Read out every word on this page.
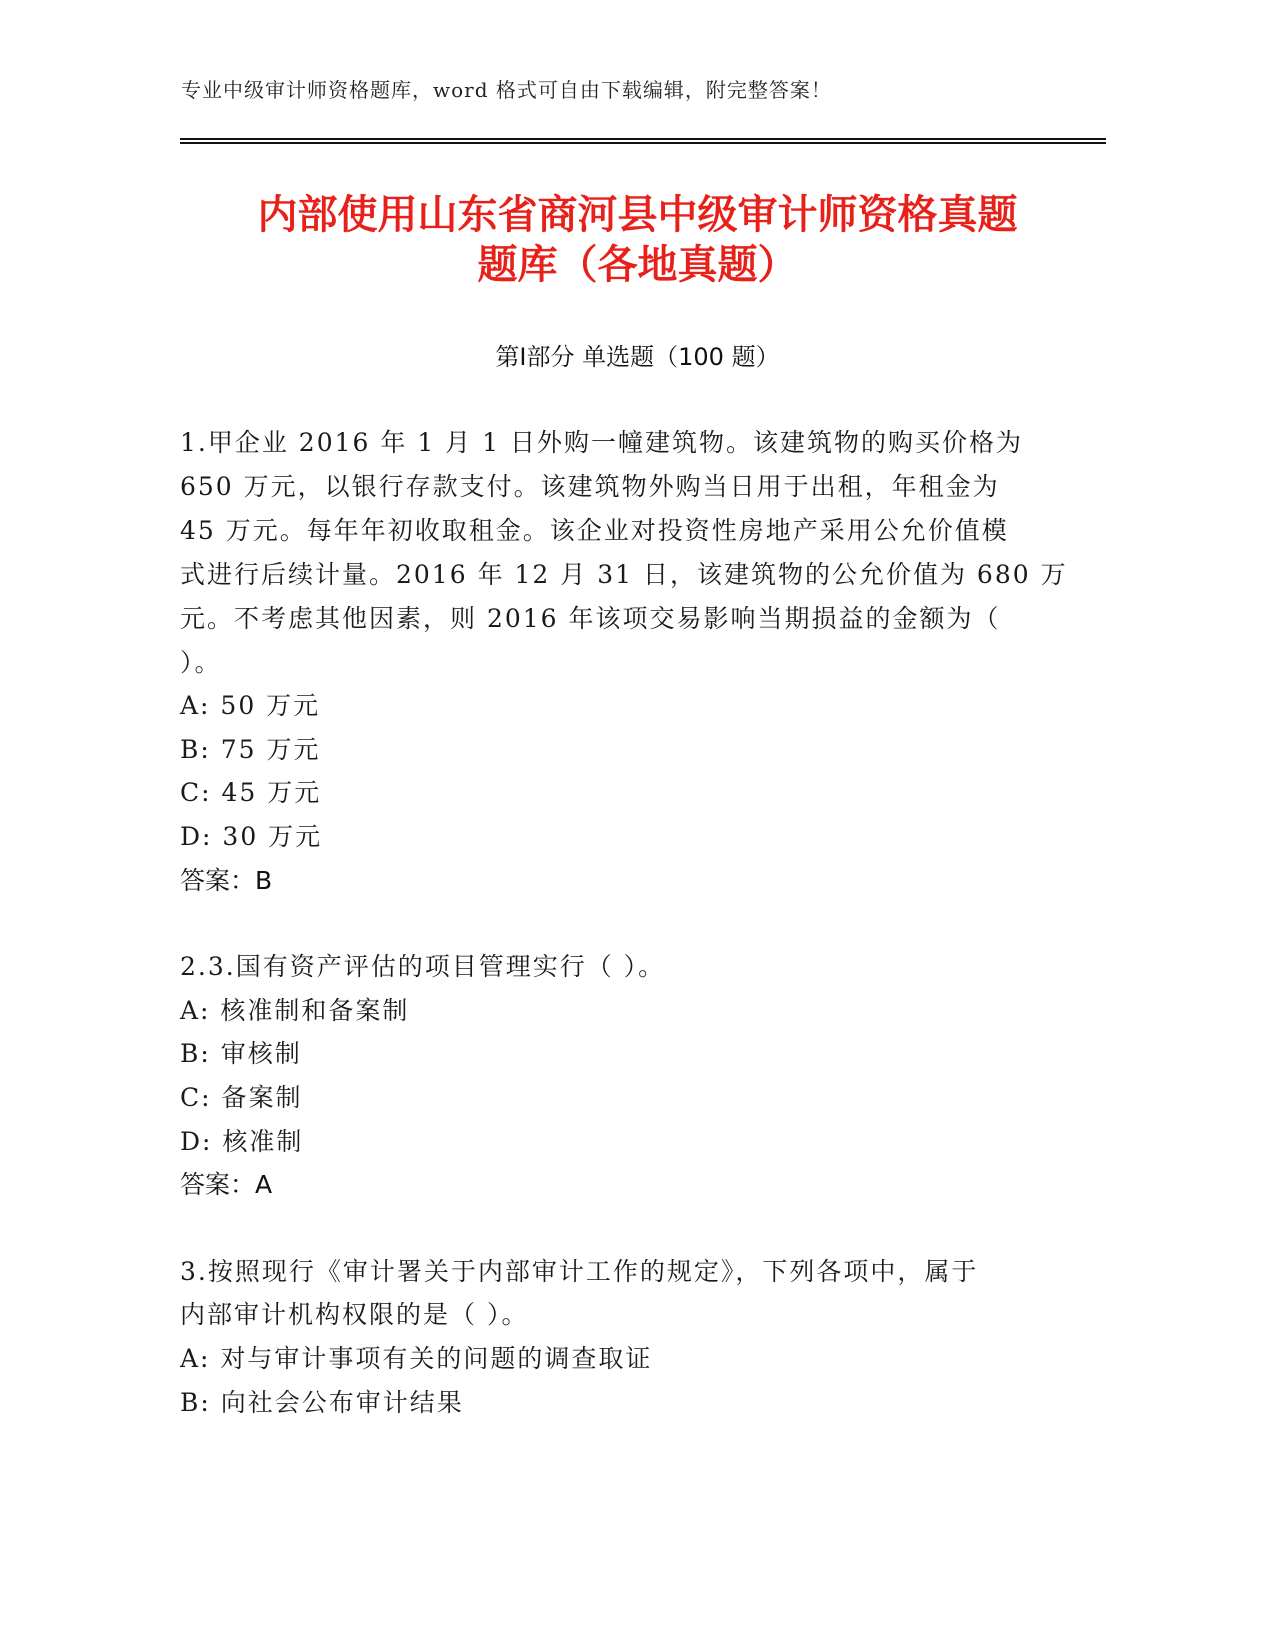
专业中级审计师资格题库，word 格式可自由下载编辑，附完整答案！
内部使用山东省商河县中级审计师资格真题
题库（各地真题）
第Ⅰ部分 单选题（100 题）
1.甲企业 2016 年 1 月 1 日外购一幢建筑物。该建筑物的购买价格为
650 万元，以银行存款支付。该建筑物外购当日用于出租，年租金为
45 万元。每年年初收取租金。该企业对投资性房地产采用公允价值模
式进行后续计量。2016 年 12 月 31 日，该建筑物的公允价值为 680 万
元。不考虑其他因素，则 2016 年该项交易影响当期损益的金额为（
）。
A: 50 万元
B: 75 万元
C: 45 万元
D: 30 万元
答案：B
2.3.国有资产评估的项目管理实行（ ）。
A: 核准制和备案制
B: 审核制
C: 备案制
D: 核准制
答案：A
3.按照现行《审计署关于内部审计工作的规定》，下列各项中，属于
内部审计机构权限的是（ ）。
A: 对与审计事项有关的问题的调查取证
B: 向社会公布审计结果
